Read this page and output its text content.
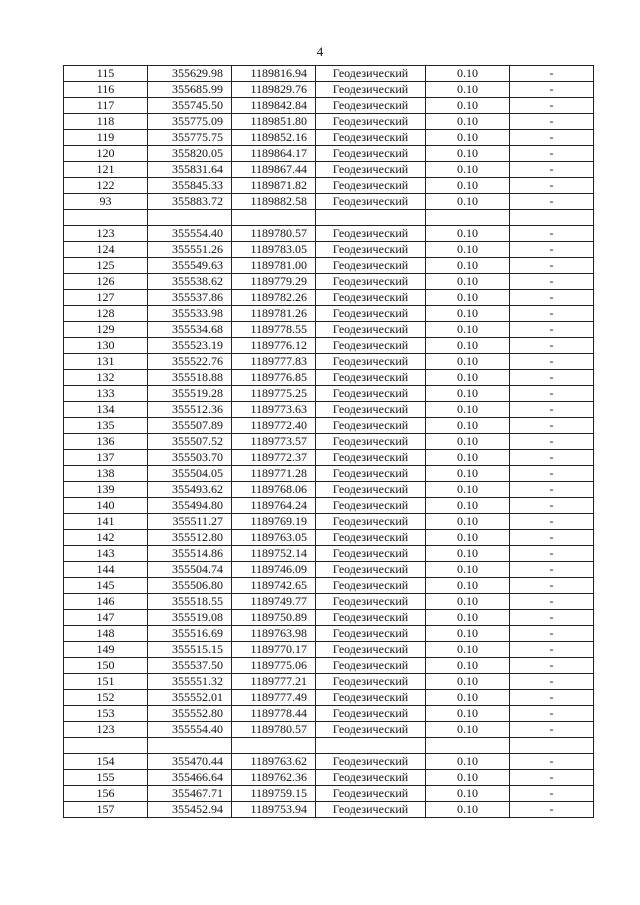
4
115	355629.98	1189816.94	Геодезический	0.10	-
116	355685.99	1189829.76	Геодезический	0.10	-
117	355745.50	1189842.84	Геодезический	0.10	-
118	355775.09	1189851.80	Геодезический	0.10	-
119	355775.75	1189852.16	Геодезический	0.10	-
120	355820.05	1189864.17	Геодезический	0.10	-
121	355831.64	1189867.44	Геодезический	0.10	-
122	355845.33	1189871.82	Геодезический	0.10	-
93	355883.72	1189882.58	Геодезический	0.10	-

123	355554.40	1189780.57	Геодезический	0.10	-
124	355551.26	1189783.05	Геодезический	0.10	-
125	355549.63	1189781.00	Геодезический	0.10	-
126	355538.62	1189779.29	Геодезический	0.10	-
127	355537.86	1189782.26	Геодезический	0.10	-
128	355533.98	1189781.26	Геодезический	0.10	-
129	355534.68	1189778.55	Геодезический	0.10	-
130	355523.19	1189776.12	Геодезический	0.10	-
131	355522.76	1189777.83	Геодезический	0.10	-
132	355518.88	1189776.85	Геодезический	0.10	-
133	355519.28	1189775.25	Геодезический	0.10	-
134	355512.36	1189773.63	Геодезический	0.10	-
135	355507.89	1189772.40	Геодезический	0.10	-
136	355507.52	1189773.57	Геодезический	0.10	-
137	355503.70	1189772.37	Геодезический	0.10	-
138	355504.05	1189771.28	Геодезический	0.10	-
139	355493.62	1189768.06	Геодезический	0.10	-
140	355494.80	1189764.24	Геодезический	0.10	-
141	355511.27	1189769.19	Геодезический	0.10	-
142	355512.80	1189763.05	Геодезический	0.10	-
143	355514.86	1189752.14	Геодезический	0.10	-
144	355504.74	1189746.09	Геодезический	0.10	-
145	355506.80	1189742.65	Геодезический	0.10	-
146	355518.55	1189749.77	Геодезический	0.10	-
147	355519.08	1189750.89	Геодезический	0.10	-
148	355516.69	1189763.98	Геодезический	0.10	-
149	355515.15	1189770.17	Геодезический	0.10	-
150	355537.50	1189775.06	Геодезический	0.10	-
151	355551.32	1189777.21	Геодезический	0.10	-
152	355552.01	1189777.49	Геодезический	0.10	-
153	355552.80	1189778.44	Геодезический	0.10	-
123	355554.40	1189780.57	Геодезический	0.10	-

154	355470.44	1189763.62	Геодезический	0.10	-
155	355466.64	1189762.36	Геодезический	0.10	-
156	355467.71	1189759.15	Геодезический	0.10	-
157	355452.94	1189753.94	Геодезический	0.10	-
